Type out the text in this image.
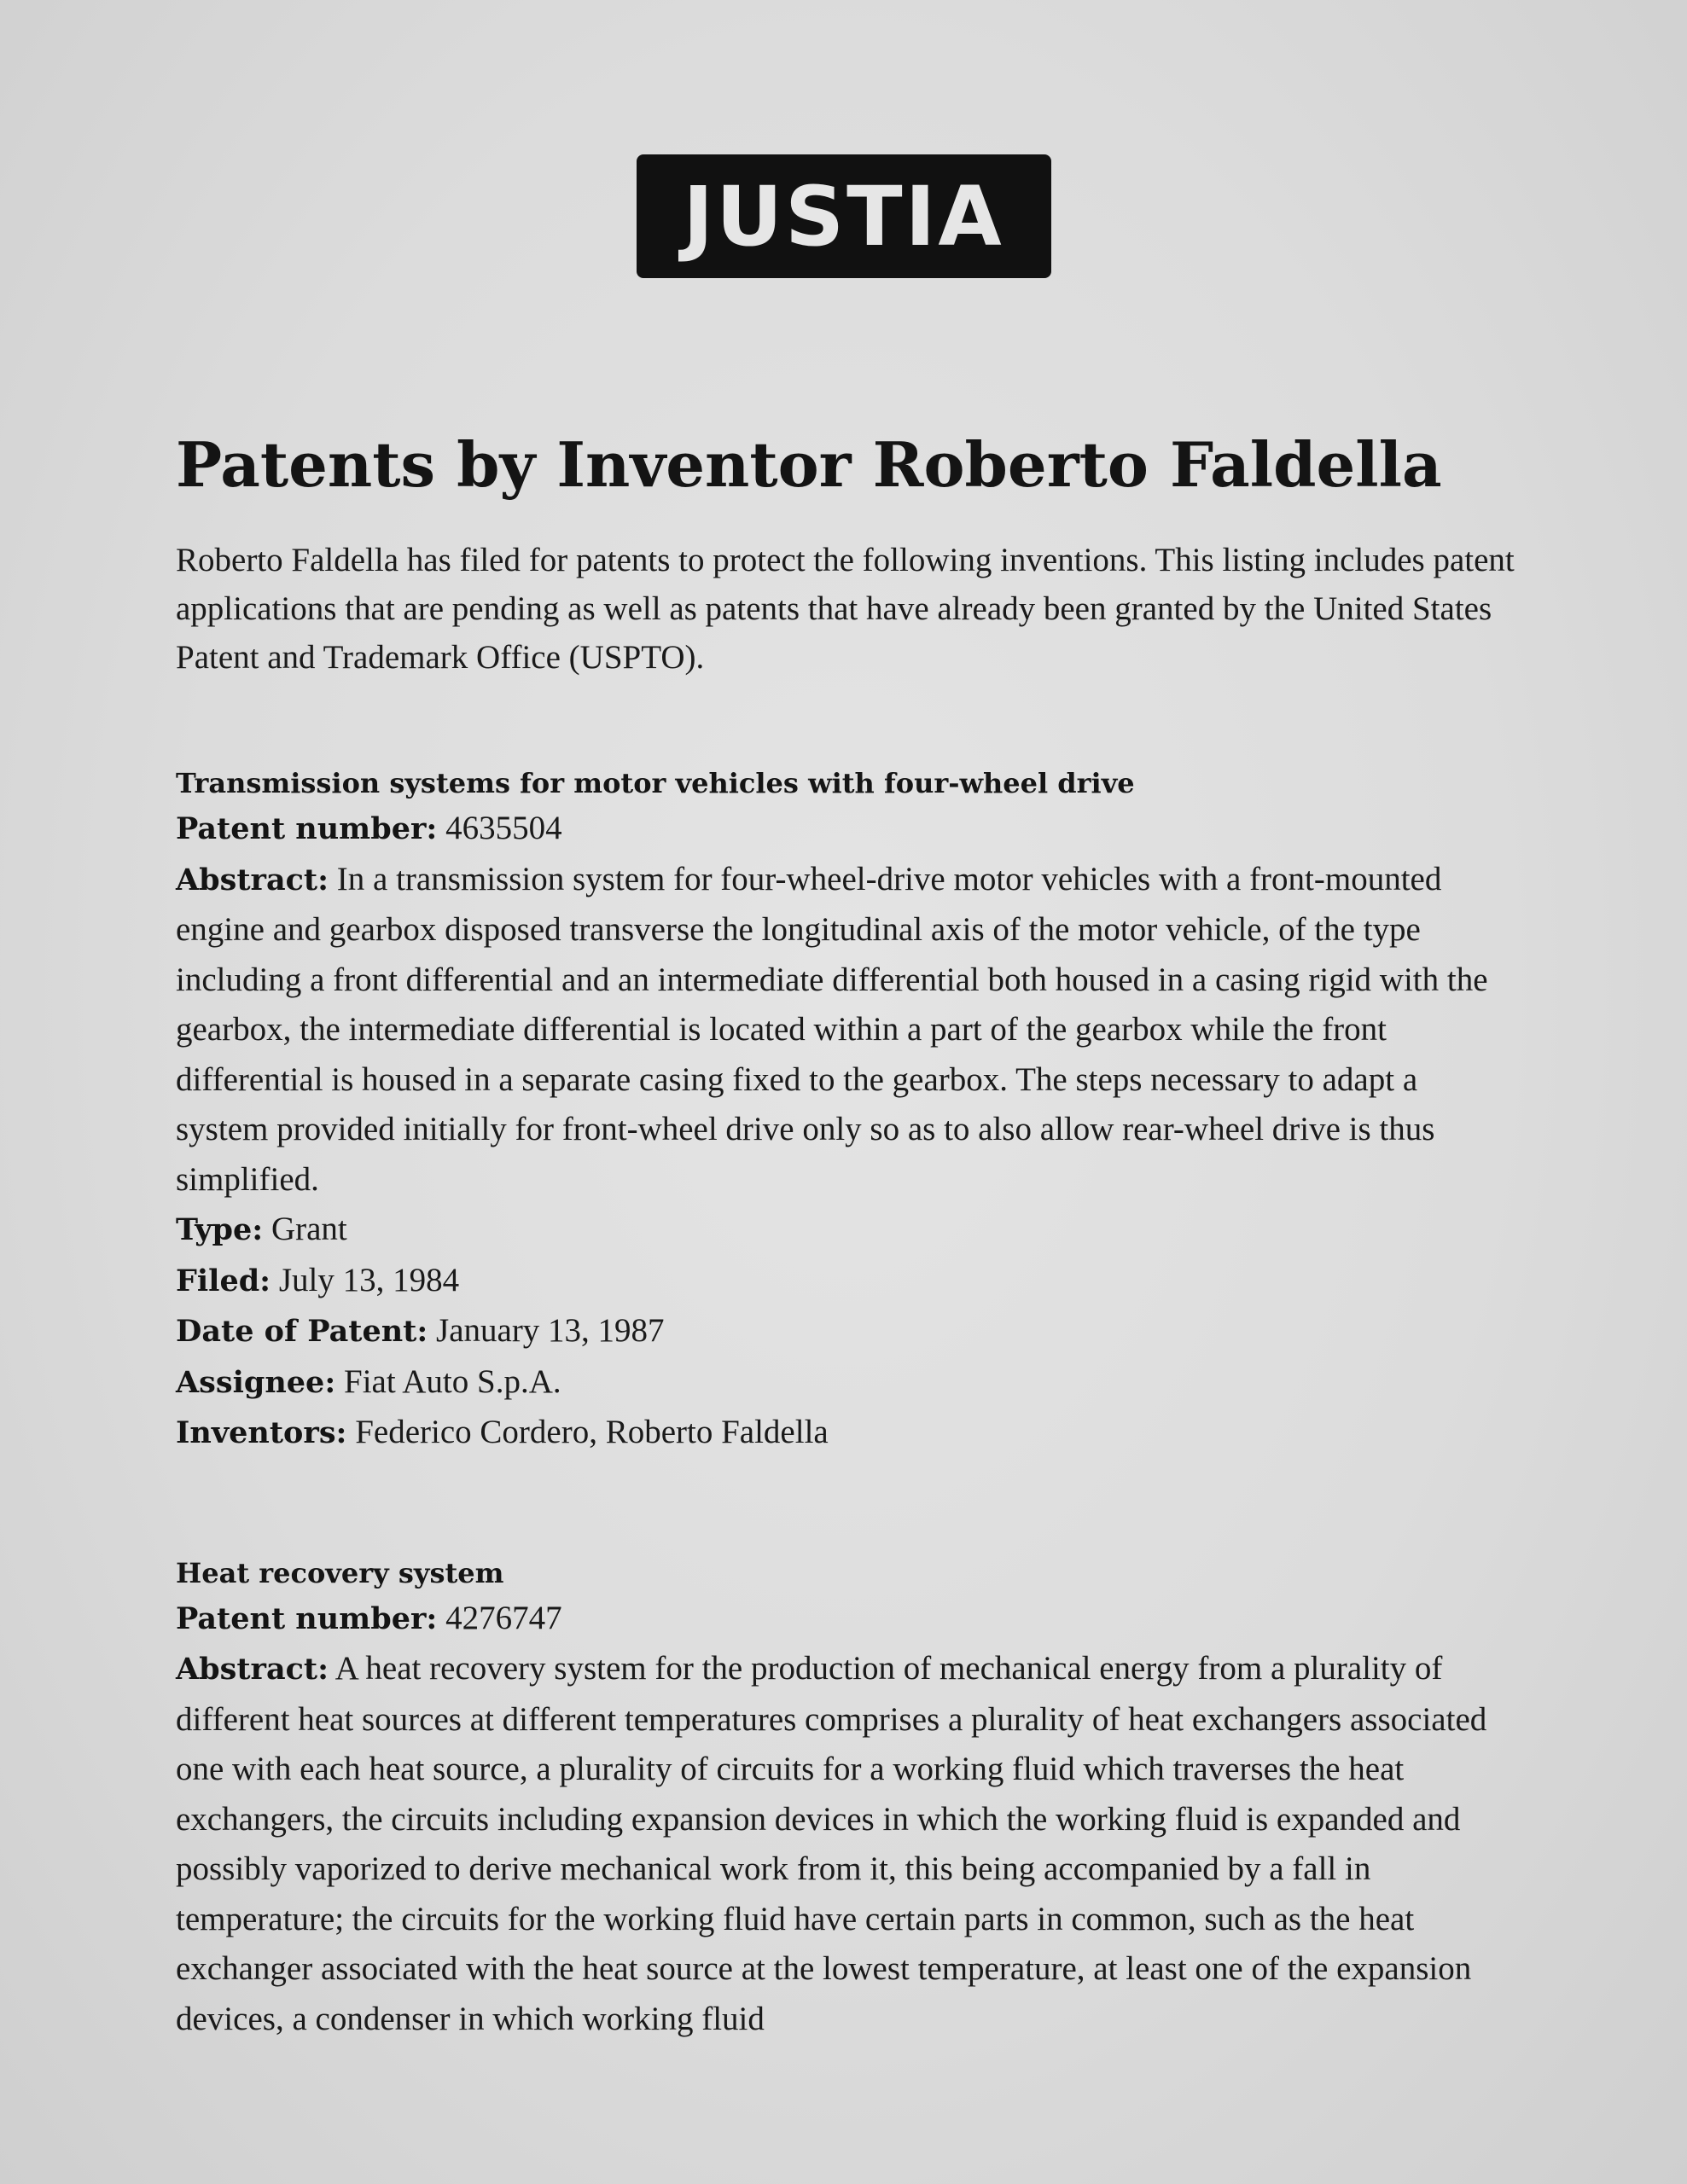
JUSTIA
Patents by Inventor Roberto Faldella

Roberto Faldella has filed for patents to protect the following inventions. This listing includes patent applications that are pending as well as patents that have already been granted by the United States Patent and Trademark Office (USPTO).

Transmission systems for motor vehicles with four-wheel drive
Patent number: 4635504
Abstract: In a transmission system for four-wheel-drive motor vehicles with a front-mounted engine and gearbox disposed transverse the longitudinal axis of the motor vehicle, of the type including a front differential and an intermediate differential both housed in a casing rigid with the gearbox, the intermediate differential is located within a part of the gearbox while the front differential is housed in a separate casing fixed to the gearbox. The steps necessary to adapt a system provided initially for front-wheel drive only so as to also allow rear-wheel drive is thus simplified.
Type: Grant
Filed: July 13, 1984
Date of Patent: January 13, 1987
Assignee: Fiat Auto S.p.A.
Inventors: Federico Cordero, Roberto Faldella
Heat recovery system
Patent number: 4276747
Abstract: A heat recovery system for the production of mechanical energy from a plurality of different heat sources at different temperatures comprises a plurality of heat exchangers associated one with each heat source, a plurality of circuits for a working fluid which traverses the heat exchangers, the circuits including expansion devices in which the working fluid is expanded and possibly vaporized to derive mechanical work from it, this being accompanied by a fall in temperature; the circuits for the working fluid have certain parts in common, such as the heat exchanger associated with the heat source at the lowest temperature, at least one of the expansion devices, a condenser in which working fluid
